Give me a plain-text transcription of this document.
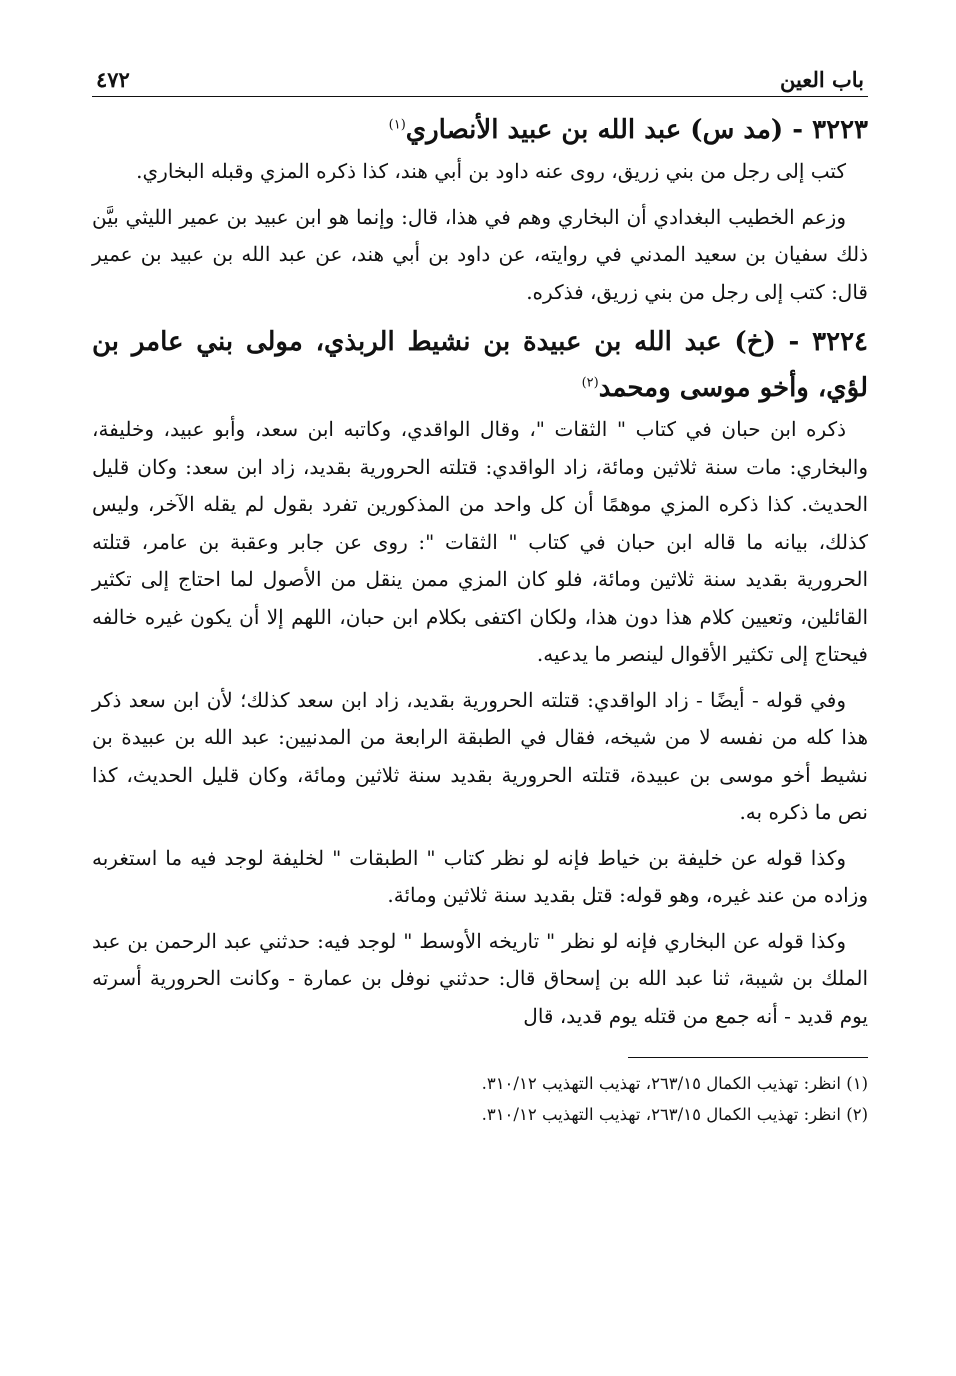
باب العين
٤٧٢
٣٢٢٣ - (مد س) عبد الله بن عبيد الأنصاري$^{(١)}$

كتب إلى رجل من بني زريق، روى عنه داود بن أبي هند، كذا ذكره المزي وقبله البخاري.

وزعم الخطيب البغدادي أن البخاري وهم في هذا، قال: وإنما هو ابن عبيد بن عمير الليثي بيَّن ذلك سفيان بن سعيد المدني في روايته، عن داود بن أبي هند، عن عبد الله بن عبيد بن عمير قال: كتب إلى رجل من بني زريق، فذكره.

٣٢٢٤ - (خ) عبد الله بن عبيدة بن نشيط الربذي، مولى بني عامر بن لؤي، وأخو موسى ومحمد$^{(٢)}$

ذكره ابن حبان في كتاب " الثقات "، وقال الواقدي، وكاتبه ابن سعد، وأبو عبيد، وخليفة، والبخاري: مات سنة ثلاثين ومائة، زاد الواقدي: قتلته الحرورية بقديد، زاد ابن سعد: وكان قليل الحديث. كذا ذكره المزي موهمًا أن كل واحد من المذكورين تفرد بقول لم يقله الآخر، وليس كذلك، بيانه ما قاله ابن حبان في كتاب " الثقات ": روى عن جابر وعقبة بن عامر، قتلته الحرورية بقديد سنة ثلاثين ومائة، فلو كان المزي ممن ينقل من الأصول لما احتاج إلى تكثير القائلين، وتعيين كلام هذا دون هذا، ولكان اكتفى بكلام ابن حبان، اللهم إلا أن يكون غيره خالفه فيحتاج إلى تكثير الأقوال لينصر ما يدعيه.

وفي قوله - أيضًا - زاد الواقدي: قتلته الحرورية بقديد، زاد ابن سعد كذلك؛ لأن ابن سعد ذكر هذا كله من نفسه لا من شيخه، فقال في الطبقة الرابعة من المدنيين: عبد الله بن عبيدة بن نشيط أخو موسى بن عبيدة، قتلته الحرورية بقديد سنة ثلاثين ومائة، وكان قليل الحديث، كذا نص ما ذكره به.

وكذا قوله عن خليفة بن خياط فإنه لو نظر كتاب " الطبقات " لخليفة لوجد فيه ما استغربه وزاده من عند غيره، وهو قوله: قتل بقديد سنة ثلاثين ومائة.

وكذا قوله عن البخاري فإنه لو نظر " تاريخه الأوسط " لوجد فيه: حدثني عبد الرحمن بن عبد الملك بن شيبة، ثنا عبد الله بن إسحاق قال: حدثني نوفل بن عمارة - وكانت الحرورية أسرته يوم قديد - أنه جمع من قتله يوم قديد، قال

(١) انظر: تهذيب الكمال ٢٦٣/١٥، تهذيب التهذيب ٣١٠/١٢.

(٢) انظر: تهذيب الكمال ٢٦٣/١٥، تهذيب التهذيب ٣١٠/١٢.
